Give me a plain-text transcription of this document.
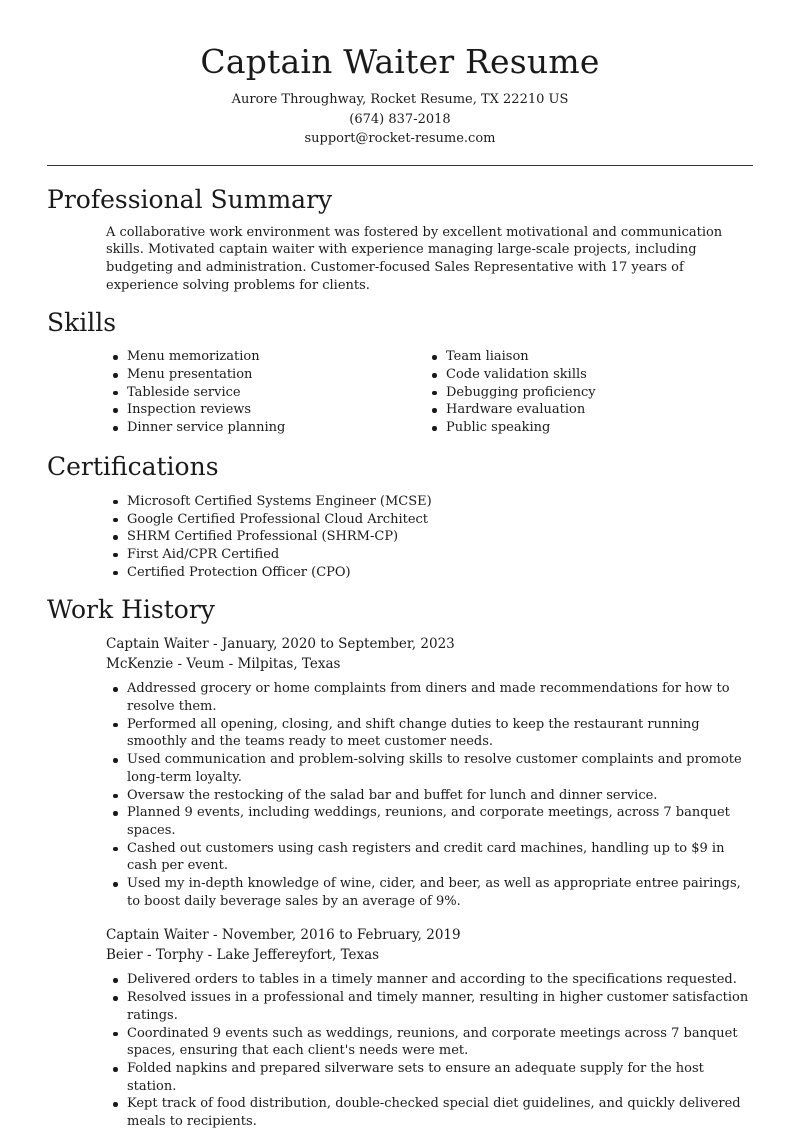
Captain Waiter Resume
Aurore Throughway, Rocket Resume, TX 22210 US
(674) 837-2018
support@rocket-resume.com
Professional Summary

A collaborative work environment was fostered by excellent motivational and communication skills. Motivated captain waiter with experience managing large-scale projects, including budgeting and administration. Customer-focused Sales Representative with 17 years of experience solving problems for clients.

Skills
Menu memorization
Menu presentation
Tableside service
Inspection reviews
Dinner service planning
Team liaison
Code validation skills
Debugging proficiency
Hardware evaluation
Public speaking
Certifications
Microsoft Certified Systems Engineer (MCSE)
Google Certified Professional Cloud Architect
SHRM Certified Professional (SHRM-CP)
First Aid/CPR Certified
Certified Protection Officer (CPO)
Work History
Captain Waiter - January, 2020 to September, 2023
McKenzie - Veum - Milpitas, Texas
Addressed grocery or home complaints from diners and made recommendations for how to resolve them.
Performed all opening, closing, and shift change duties to keep the restaurant running smoothly and the teams ready to meet customer needs.
Used communication and problem-solving skills to resolve customer complaints and promote long-term loyalty.
Oversaw the restocking of the salad bar and buffet for lunch and dinner service.
Planned 9 events, including weddings, reunions, and corporate meetings, across 7 banquet spaces.
Cashed out customers using cash registers and credit card machines, handling up to $9 in cash per event.
Used my in-depth knowledge of wine, cider, and beer, as well as appropriate entree pairings, to boost daily beverage sales by an average of 9%.
Captain Waiter - November, 2016 to February, 2019
Beier - Torphy - Lake Jeffereyfort, Texas
Delivered orders to tables in a timely manner and according to the specifications requested.
Resolved issues in a professional and timely manner, resulting in higher customer satisfaction ratings.
Coordinated 9 events such as weddings, reunions, and corporate meetings across 7 banquet spaces, ensuring that each client's needs were met.
Folded napkins and prepared silverware sets to ensure an adequate supply for the host station.
Kept track of food distribution, double-checked special diet guidelines, and quickly delivered meals to recipients.
